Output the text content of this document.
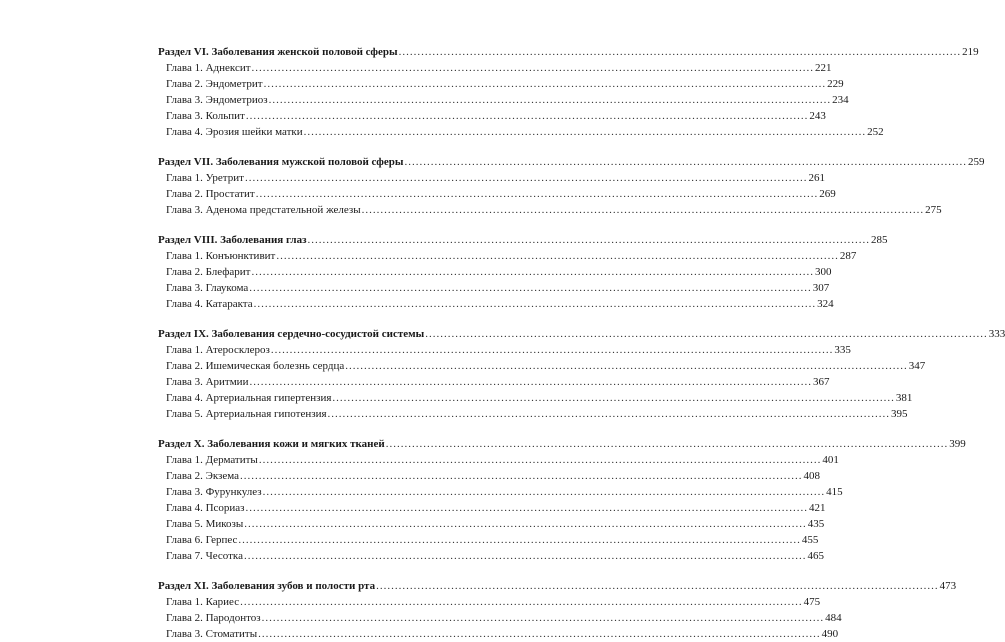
Раздел VI. Заболевания женской половой сферы .....	219
Глава 1. Аднексит .....	221
Глава 2. Эндометрит .....	229
Глава 3. Эндометриоз .....	234
Глава 3. Кольпит .....	243
Глава 4. Эрозия шейки матки .....	252
Раздел VII. Заболевания мужской половой сферы .....	259
Глава 1. Уретрит .....	261
Глава 2. Простатит .....	269
Глава 3. Аденома предстательной железы .....	275
Раздел VIII. Заболевания глаз .....	285
Глава 1. Конъюнктивит .....	287
Глава 2. Блефарит .....	300
Глава 3. Глаукома .....	307
Глава 4. Катаракта .....	324
Раздел IX. Заболевания сердечно-сосудистой системы .....	333
Глава 1. Атеросклероз .....	335
Глава 2. Ишемическая болезнь сердца .....	347
Глава 3. Аритмии .....	367
Глава 4. Артериальная гипертензия .....	381
Глава 5. Артериальная гипотензия .....	395
Раздел X. Заболевания кожи и мягких тканей .....	399
Глава 1. Дерматиты .....	401
Глава 2. Экзема .....	408
Глава 3. Фурункулез .....	415
Глава 4. Псориаз .....	421
Глава 5. Микозы .....	435
Глава 6. Герпес .....	455
Глава 7. Чесотка .....	465
Раздел XI. Заболевания зубов и полости рта .....	473
Глава 1. Кариес .....	475
Глава 2. Пародонтоз .....	484
Глава 3. Стоматиты .....	490
